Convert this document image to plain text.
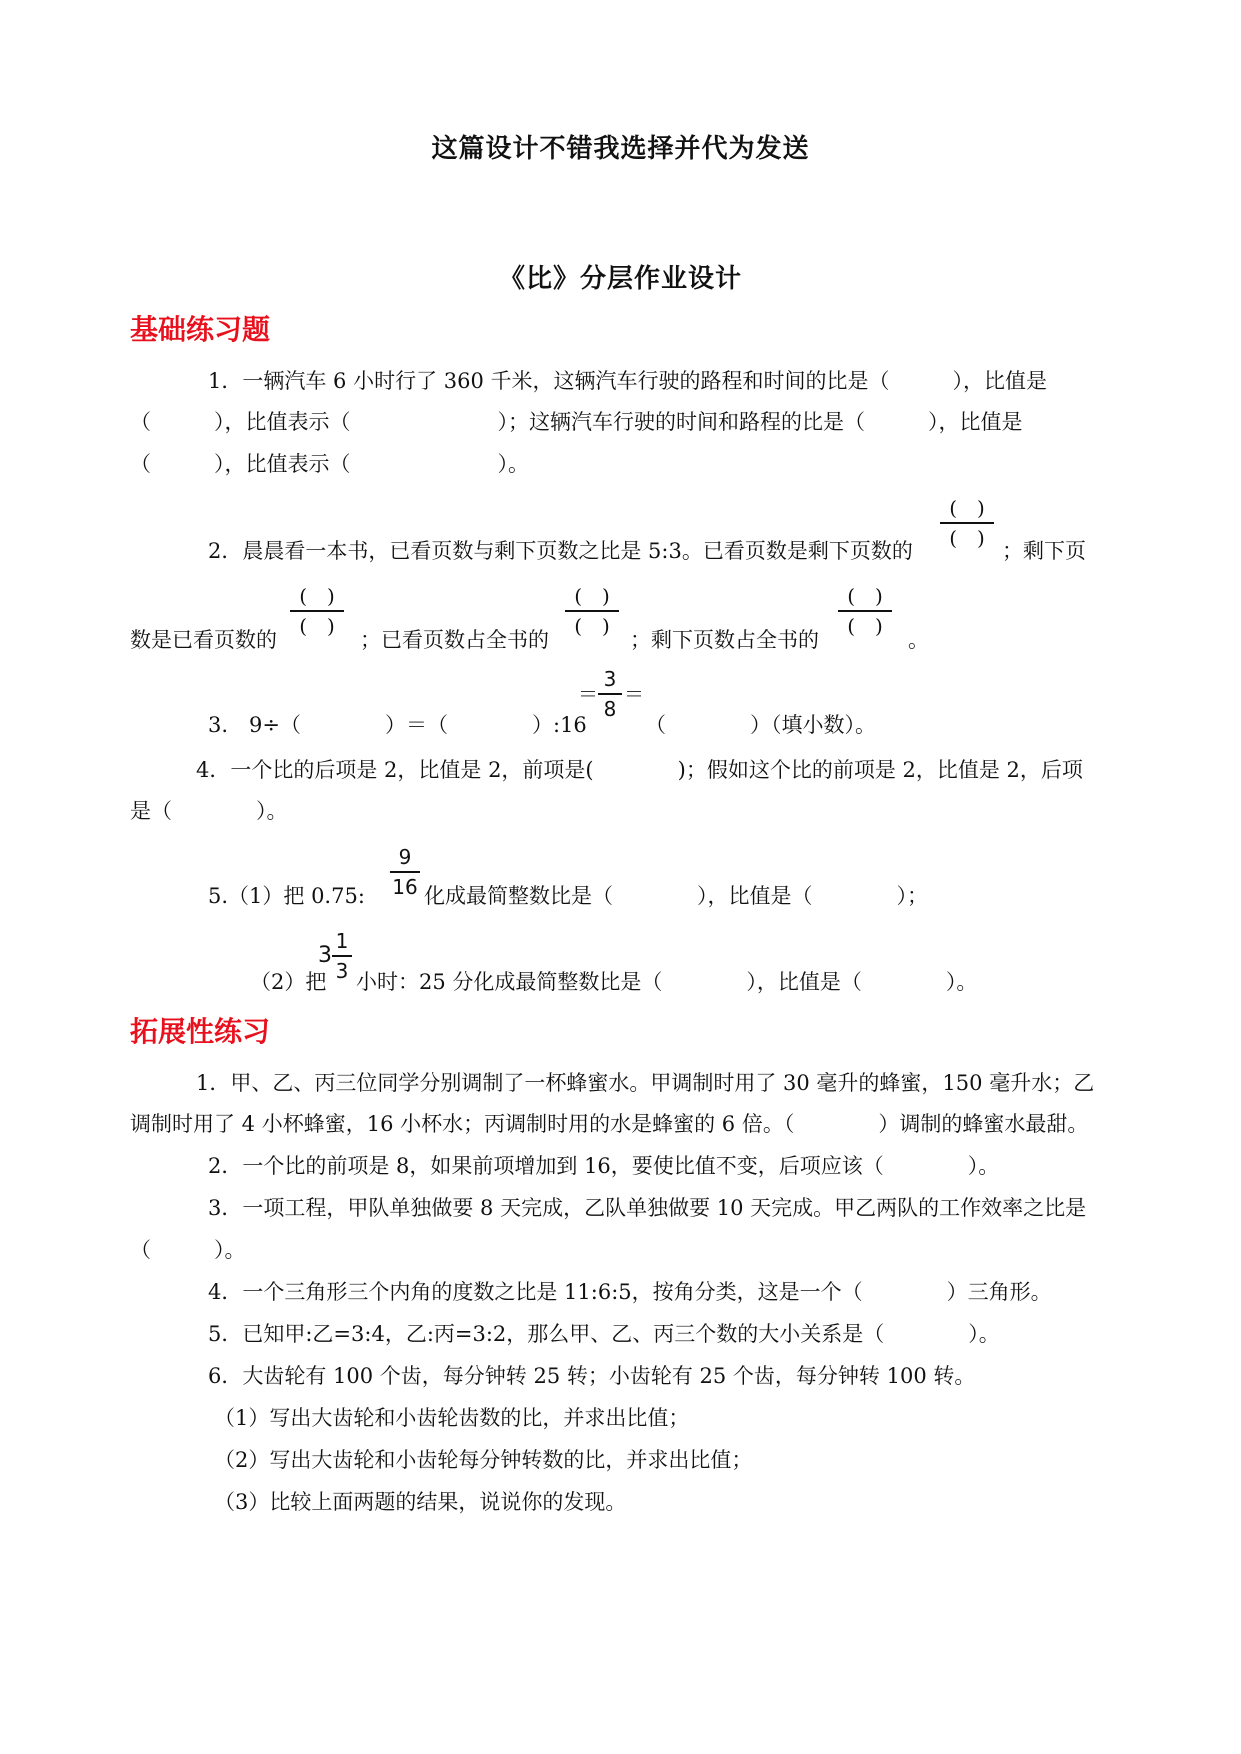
这篇设计不错我选择并代为发送
《比》分层作业设计
基础练习题
1．一辆汽车 6 小时行了 360 千米，这辆汽车行驶的路程和时间的比是（　　　），比值是
（　　　），比值表示（　　　　　　　）；这辆汽车行驶的时间和路程的比是（　　　），比值是
（　　　），比值表示（　　　　　　　）。
2．晨晨看一本书，已看页数与剩下页数之比是 5:3。已看页数是剩下页数的
(　)
(　)
；剩下页
数是已看页数的
(　)
(　)
；已看页数占全书的
(　)
(　)
；剩下页数占全书的
(　)
(　)
。
3.　9÷（　　　　）＝（　　　　）:16
＝
3
8
＝
（　　　　）（填小数）。
4．一个比的后项是 2，比值是 2，前项是(　　　　)；假如这个比的前项是 2，比值是 2，后项
是（　　　　）。
5.（1）把 0.75:
9
16 化成最简整数比是（　　　　），比值是（　　　　）；
（2）把
3
1
3 小时：25 分化成最简整数比是（　　　　），比值是（　　　　）。
拓展性练习
1．甲、乙、丙三位同学分别调制了一杯蜂蜜水。甲调制时用了 30 毫升的蜂蜜，150 毫升水；乙
调制时用了 4 小杯蜂蜜，16 小杯水；丙调制时用的水是蜂蜜的 6 倍。（　　　　）调制的蜂蜜水最甜。
2．一个比的前项是 8，如果前项增加到 16，要使比值不变，后项应该（　　　　）。
3．一项工程，甲队单独做要 8 天完成，乙队单独做要 10 天完成。甲乙两队的工作效率之比是
（　　　）。
4．一个三角形三个内角的度数之比是 11:6:5，按角分类，这是一个（　　　　）三角形。
5．已知甲:乙=3:4，乙:丙=3:2，那么甲、乙、丙三个数的大小关系是（　　　　）。
6．大齿轮有 100 个齿，每分钟转 25 转；小齿轮有 25 个齿，每分钟转 100 转。
（1）写出大齿轮和小齿轮齿数的比，并求出比值；
（2）写出大齿轮和小齿轮每分钟转数的比，并求出比值；
（3）比较上面两题的结果，说说你的发现。
